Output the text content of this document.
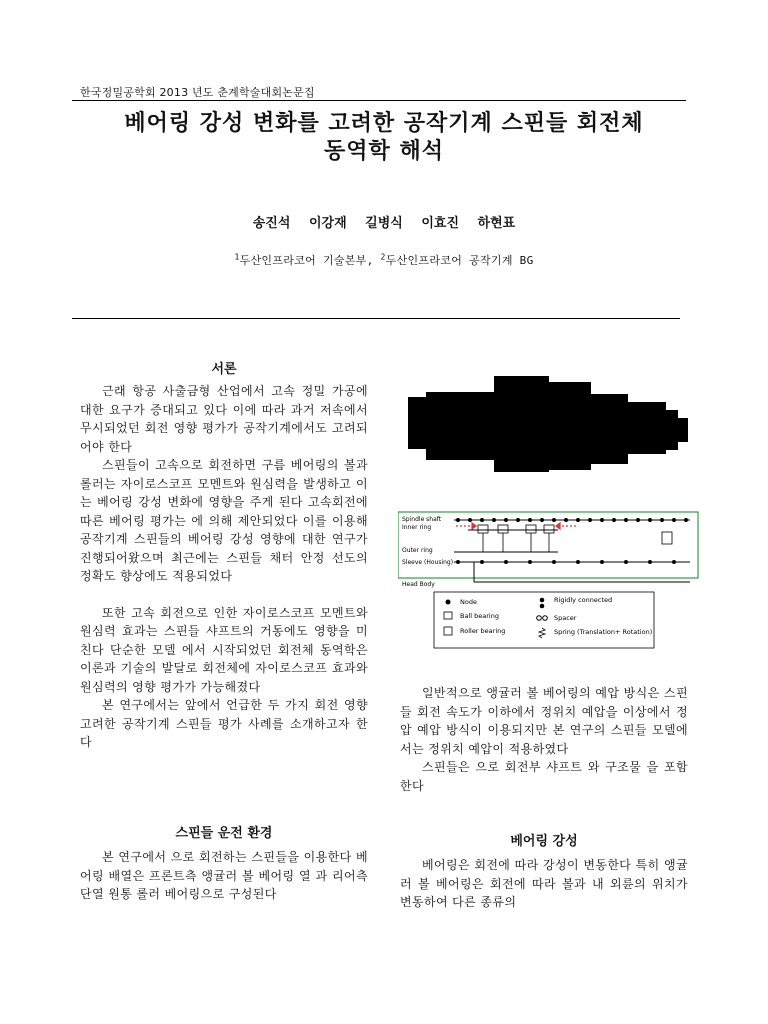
한국정밀공학회 2013 년도 춘계학술대회논문집
베어링 강성 변화를 고려한 공작기계 스핀들 회전체
동역학 해석
송진석 이강재 길병식 이효진 하현표
$^1$두산인프라코어 기술본부, $^2$두산인프라코어 공작기계 BG
서론

근래 항공 사출금형 산업에서 고속 정밀 가공에 대한 요구가 증대되고 있다 이에 따라 과거 저속에서 무시되었던 회전 영향 평가가 공작기계에서도 고려되어야 한다

스핀들이 고속으로 회전하면 구름 베어링의 볼과 롤러는 자이로스코프 모멘트와 원심력을 발생하고 이는 베어링 강성 변화에 영향을 주게 된다 고속회전에 따른 베어링 평가는 에 의해 제안되었다 이를 이용해 공작기계 스핀들의 베어링 강성 영향에 대한 연구가 진행되어왔으며 최근에는 스핀들 채터 안정 선도의 정확도 향상에도 적용되었다

또한 고속 회전으로 인한 자이로스코프 모멘트와 원심력 효과는 스핀들 샤프트의 거동에도 영향을 미친다 단순한 모델 에서 시작되었던 회전체 동역학은 이론과 기술의 발달로 회전체에 자이로스코프 효과와 원심력의 영향 평가가 가능해졌다

본 연구에서는 앞에서 언급한 두 가지 회전 영향 고려한 공작기계 스핀들 평가 사례를 소개하고자 한다

스핀들 운전 환경

본 연구에서 으로 회전하는 스핀들을 이용한다 베어링 배열은 프론트측 앵귤러 볼 베어링 열 과 리어측 단열 원통 롤러 베어링으로 구성된다

Spindle shaft
Inner ring
Outer ring
Sleeve (Housing)
Head Body
Node
Ball bearing
Roller bearing
Rigidly connected
Spacer
Spring (Translation+ Rotation)

일반적으로 앵귤러 볼 베어링의 예압 방식은 스핀들 회전 속도가 이하에서 정위치 예압을 이상에서 정압 예압 방식이 이용되지만 본 연구의 스핀들 모델에서는 정위치 예압이 적용하였다

스핀들은 으로 회전부 샤프트 와 구조물 을 포함한다

베어링 강성

베어링은 회전에 따라 강성이 변동한다 특히 앵귤러 볼 베어링은 회전에 따라 볼과 내 외륜의 위치가 변동하여 다른 종류의
